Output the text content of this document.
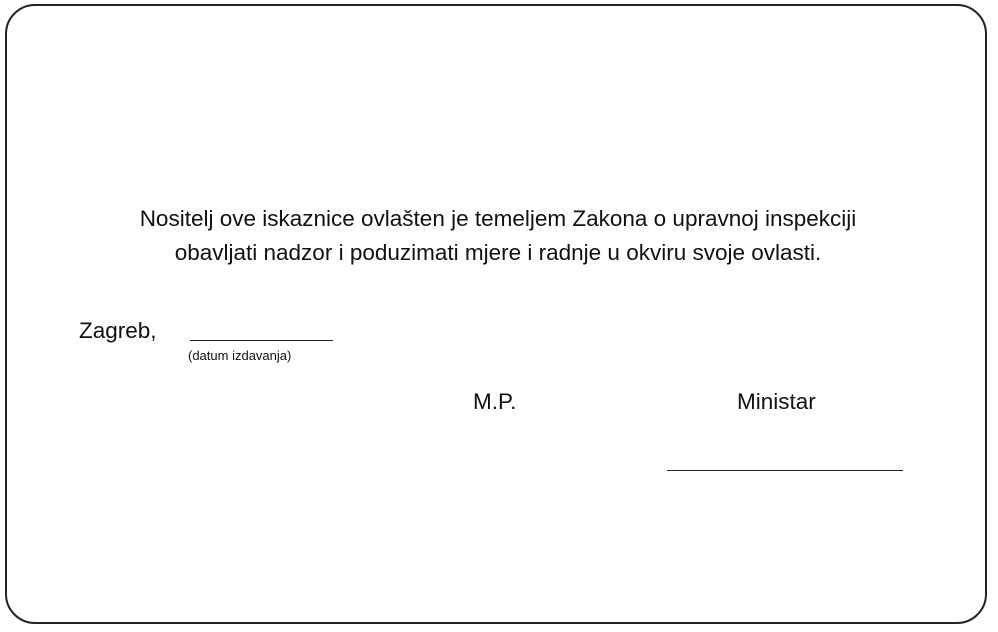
Nositelj ove iskaznice ovlašten je temeljem Zakona o upravnoj inspekciji
obavljati nadzor i poduzimati mjere i radnje u okviru svoje ovlasti.
Zagreb,
(datum izdavanja)
M.P.	Ministar
